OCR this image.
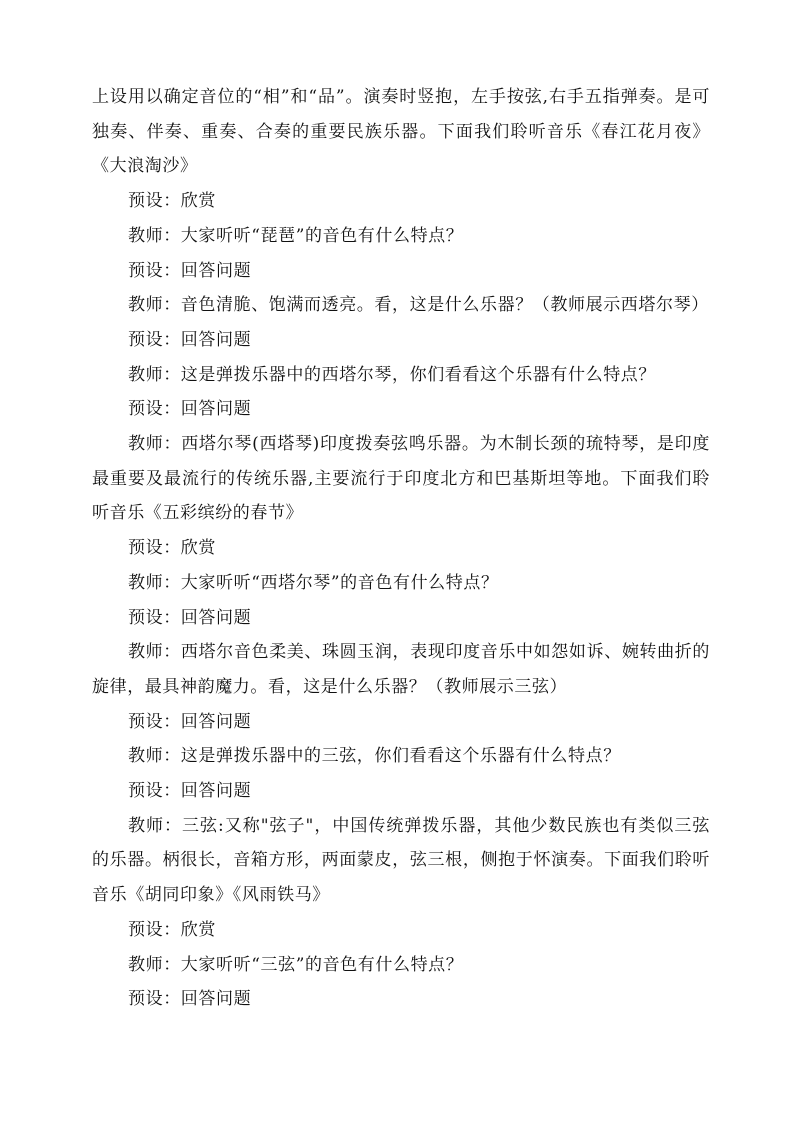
上设用以确定音位的“相”和“品”。演奏时竖抱，左手按弦,右手五指弹奏。是可独奏、伴奏、重奏、合奏的重要民族乐器。下面我们聆听音乐《春江花月夜》《大浪淘沙》

预设：欣赏

教师：大家听听“琵琶”的音色有什么特点？

预设：回答问题

教师：音色清脆、饱满而透亮。看，这是什么乐器？（教师展示西塔尔琴）

预设：回答问题

教师：这是弹拨乐器中的西塔尔琴，你们看看这个乐器有什么特点？

预设：回答问题

教师：西塔尔琴(西塔琴)印度拨奏弦鸣乐器。为木制长颈的琉特琴，是印度最重要及最流行的传统乐器,主要流行于印度北方和巴基斯坦等地。下面我们聆听音乐《五彩缤纷的春节》

预设：欣赏

教师：大家听听“西塔尔琴”的音色有什么特点？

预设：回答问题

教师：西塔尔音色柔美、珠圆玉润，表现印度音乐中如怨如诉、婉转曲折的旋律，最具神韵魔力。看，这是什么乐器？（教师展示三弦）

预设：回答问题

教师：这是弹拨乐器中的三弦，你们看看这个乐器有什么特点？

预设：回答问题

教师：三弦:又称"弦子"，中国传统弹拨乐器，其他少数民族也有类似三弦的乐器。柄很长，音箱方形，两面蒙皮，弦三根，侧抱于怀演奏。下面我们聆听音乐《胡同印象》《风雨铁马》

预设：欣赏

教师：大家听听“三弦”的音色有什么特点？

预设：回答问题
